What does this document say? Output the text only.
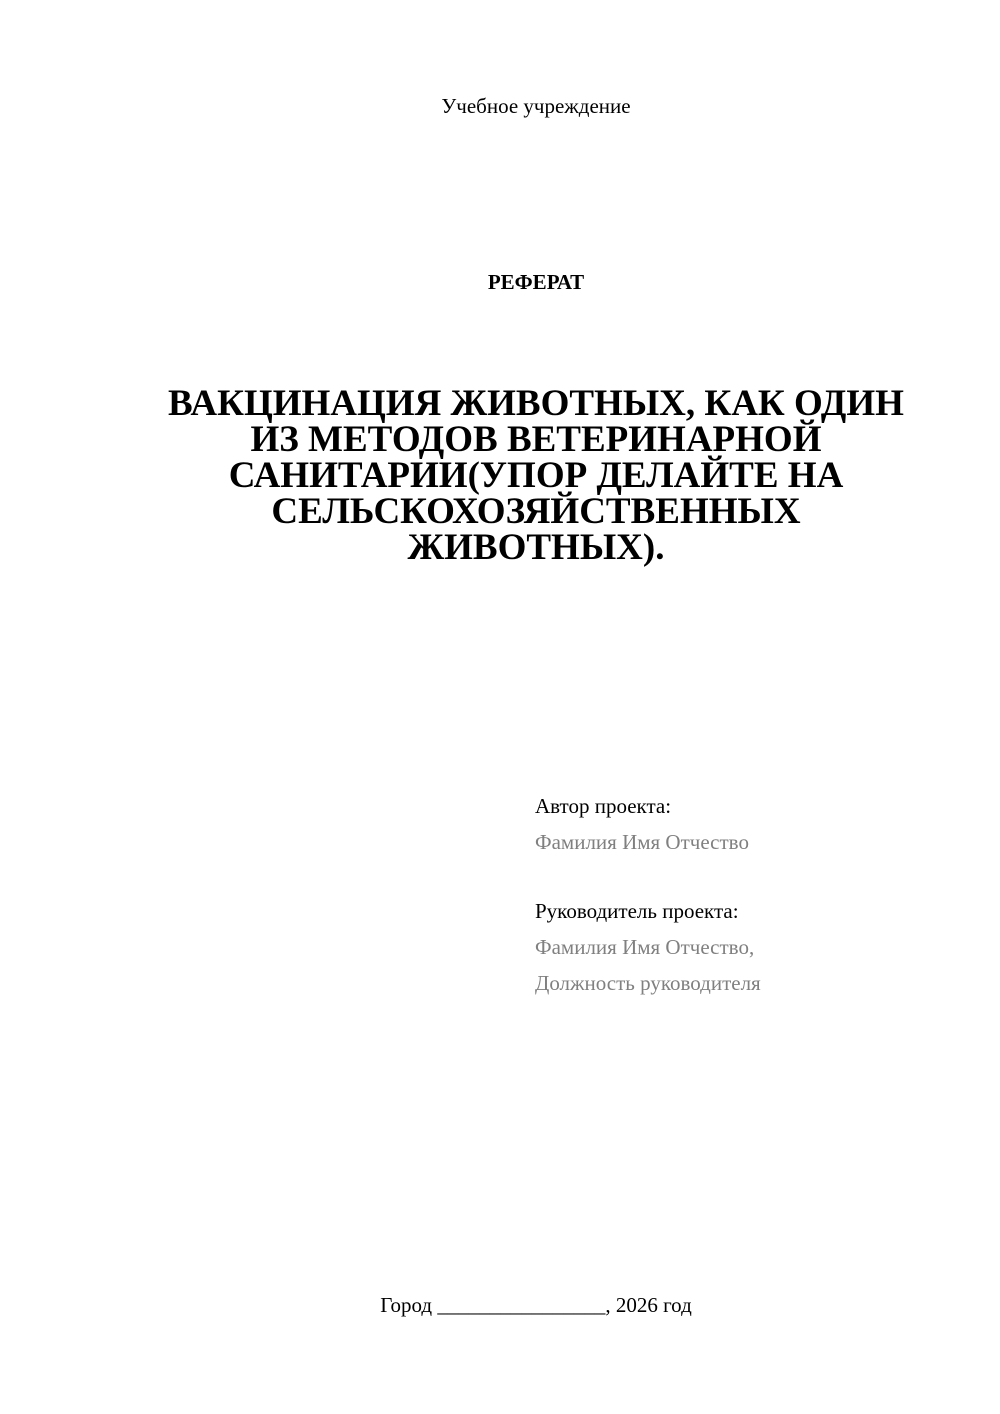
Учебное учреждение
РЕФЕРАТ
ВАКЦИНАЦИЯ ЖИВОТНЫХ, КАК ОДИН
ИЗ МЕТОДОВ ВЕТЕРИНАРНОЙ
САНИТАРИИ(УПОР ДЕЛАЙТЕ НА
СЕЛЬСКОХОЗЯЙСТВЕННЫХ
ЖИВОТНЫХ).
Автор проекта:
Фамилия Имя Отчество
Руководитель проекта:
Фамилия Имя Отчество,
Должность руководителя
Город ________________, 2026 год
